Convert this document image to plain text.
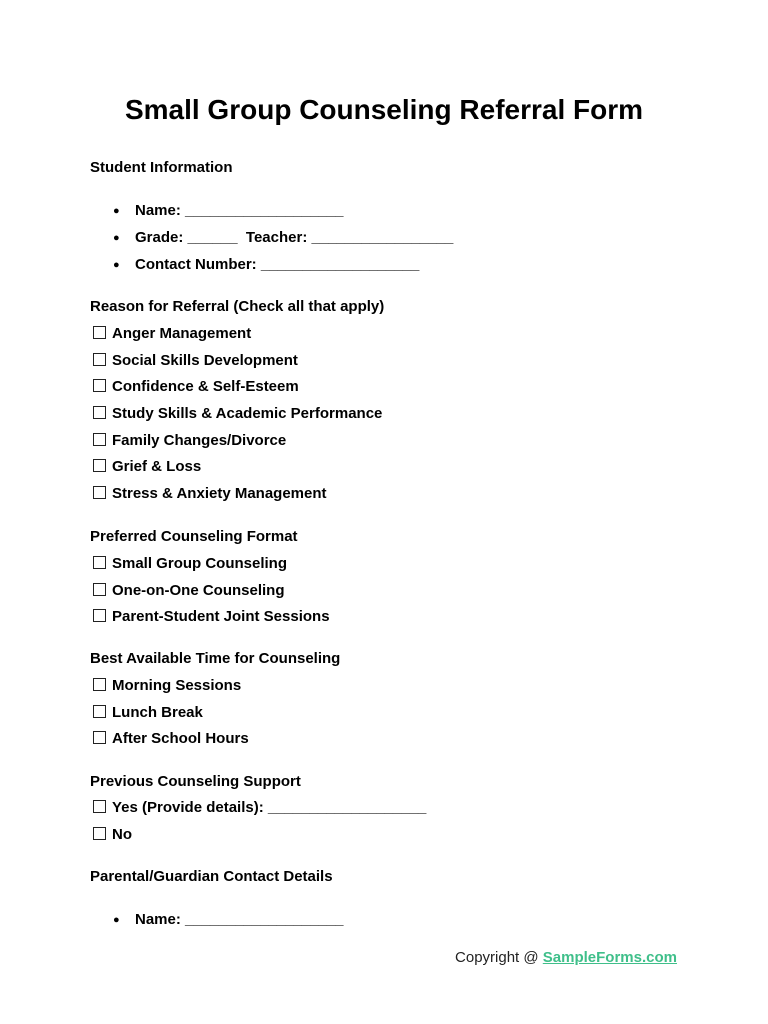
Small Group Counseling Referral Form
Student Information
● Name: ___________________
● Grade: ______  Teacher: _________________
● Contact Number: ___________________
Reason for Referral (Check all that apply)
Anger Management
Social Skills Development
Confidence & Self-Esteem
Study Skills & Academic Performance
Family Changes/Divorce
Grief & Loss
Stress & Anxiety Management
Preferred Counseling Format
Small Group Counseling
One-on-One Counseling
Parent-Student Joint Sessions
Best Available Time for Counseling
Morning Sessions
Lunch Break
After School Hours
Previous Counseling Support
Yes (Provide details): ___________________
No
Parental/Guardian Contact Details
● Name: ___________________
Copyright @ SampleForms.com
